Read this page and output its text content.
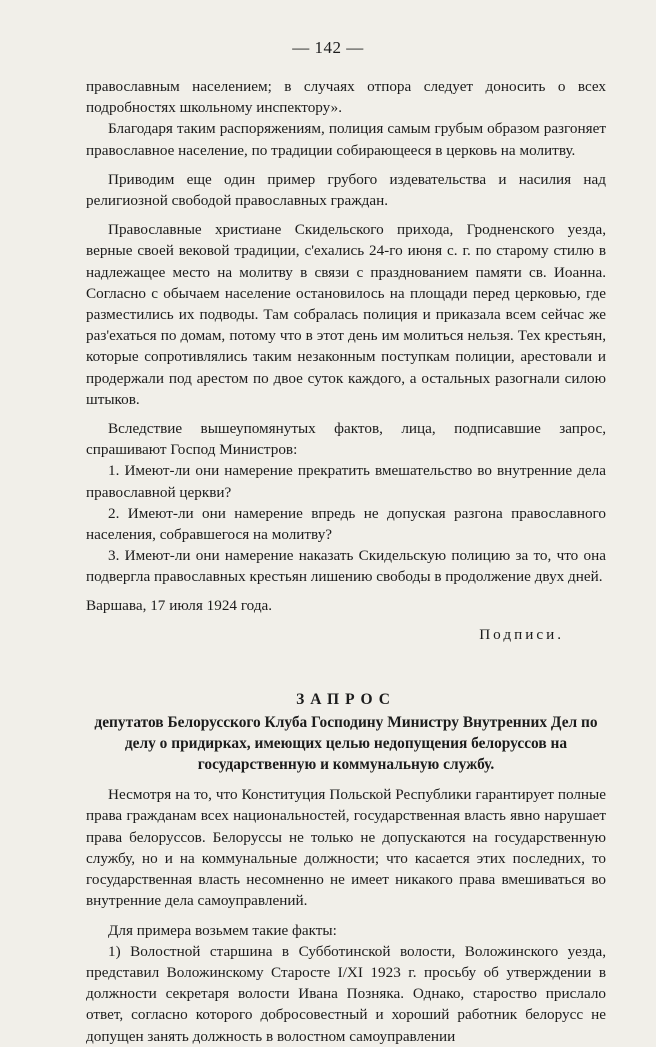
— 142 —

православным населением; в случаях отпора следует доносить о всех подробностях школьному инспектору».

Благодаря таким распоряжениям, полиция самым грубым образом разгоняет православное население, по традиции собирающееся в церковь на молитву.

Приводим еще один пример грубого издевательства и насилия над религиозной свободой православных граждан.

Православные христиане Скидельского прихода, Гродненского уезда, верные своей вековой традиции, с'ехались 24-го июня с. г. по старому стилю в надлежащее место на молитву в связи с празднованием памяти св. Иоанна. Согласно с обычаем население остановилось на площади перед церковью, где разместились их подводы. Там собралась полиция и приказала всем сейчас же раз'ехаться по домам, потому что в этот день им молиться нельзя. Тех крестьян, которые сопротивлялись таким незаконным поступкам полиции, арестовали и продержали под арестом по двое суток каждого, а остальных разогнали силою штыков.

Вследствие вышеупомянутых фактов, лица, подписавшие запрос, спрашивают Господ Министров:

1. Имеют-ли они намерение прекратить вмешательство во внутренние дела православной церкви?

2. Имеют-ли они намерение впредь не допуская разгона православного населения, собравшегося на молитву?

3. Имеют-ли они намерение наказать Скидельскую полицию за то, что она подвергла православных крестьян лишению свободы в продолжение двух дней.

Варшава, 17 июля 1924 года.

Подписи.

ЗАПРОС

депутатов Белорусского Клуба Господину Министру Внутренних Дел по делу о придирках, имеющих целью недопущения белоруссов на государственную и коммунальную службу.

Несмотря на то, что Конституция Польской Республики гарантирует полные права гражданам всех национальностей, государственная власть явно нарушает права белоруссов. Белоруссы не только не допускаются на государственную службу, но и на коммунальные должности; что касается этих последних, то государственная власть несомненно не имеет никакого права вмешиваться во внутренние дела самоуправлений.

Для примера возьмем такие факты:

1) Волостной старшина в Субботинской волости, Воложинского уезда, представил Воложинскому Старосте I/XI 1923 г. просьбу об утверждении в должности секретаря волости Ивана Позняка. Однако, староство прислало ответ, согласно которого добросовестный и хороший работник белорусс не допущен занять должность в волостном самоуправлении
